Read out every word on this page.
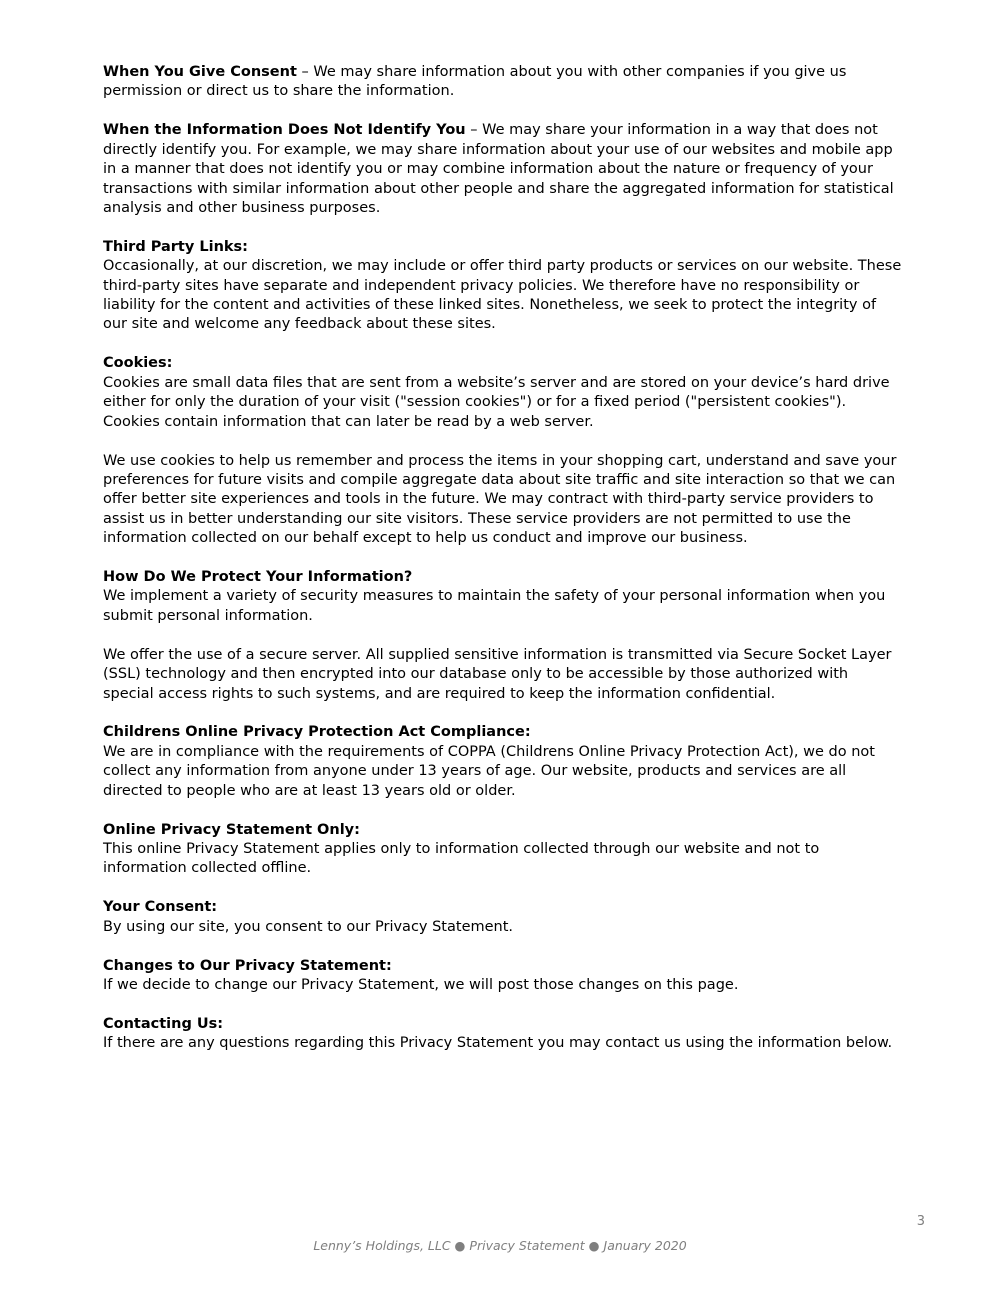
When You Give Consent – We may share information about you with other companies if you give us permission or direct us to share the information.

When the Information Does Not Identify You – We may share your information in a way that does not directly identify you. For example, we may share information about your use of our websites and mobile app in a manner that does not identify you or may combine information about the nature or frequency of your transactions with similar information about other people and share the aggregated information for statistical analysis and other business purposes.

Third Party Links:

Occasionally, at our discretion, we may include or offer third party products or services on our website. These third-party sites have separate and independent privacy policies. We therefore have no responsibility or liability for the content and activities of these linked sites. Nonetheless, we seek to protect the integrity of our site and welcome any feedback about these sites.

Cookies:

Cookies are small data files that are sent from a website’s server and are stored on your device’s hard drive either for only the duration of your visit ("session cookies") or for a fixed period ("persistent cookies"). Cookies contain information that can later be read by a web server.

We use cookies to help us remember and process the items in your shopping cart, understand and save your preferences for future visits and compile aggregate data about site traffic and site interaction so that we can offer better site experiences and tools in the future. We may contract with third-party service providers to assist us in better understanding our site visitors. These service providers are not permitted to use the information collected on our behalf except to help us conduct and improve our business.

How Do We Protect Your Information?

We implement a variety of security measures to maintain the safety of your personal information when you submit personal information.

We offer the use of a secure server. All supplied sensitive information is transmitted via Secure Socket Layer (SSL) technology and then encrypted into our database only to be accessible by those authorized with special access rights to such systems, and are required to keep the information confidential.

Childrens Online Privacy Protection Act Compliance:

We are in compliance with the requirements of COPPA (Childrens Online Privacy Protection Act), we do not collect any information from anyone under 13 years of age. Our website, products and services are all directed to people who are at least 13 years old or older.

Online Privacy Statement Only:

This online Privacy Statement applies only to information collected through our website and not to information collected offline.

Your Consent:

By using our site, you consent to our Privacy Statement.

Changes to Our Privacy Statement:

If we decide to change our Privacy Statement, we will post those changes on this page.

Contacting Us:

If there are any questions regarding this Privacy Statement you may contact us using the information below.

3
Lenny’s Holdings, LLC ● Privacy Statement ● January 2020
